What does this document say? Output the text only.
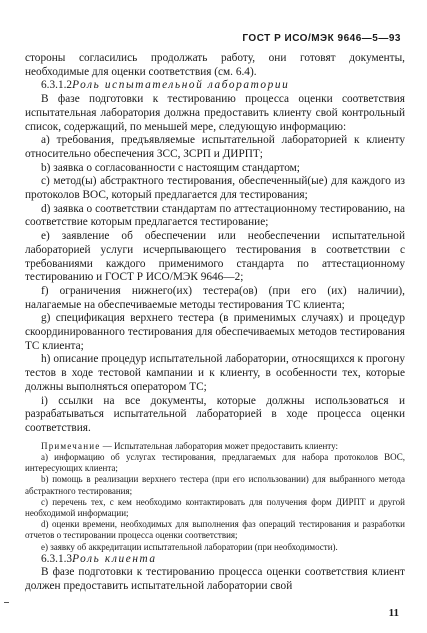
ГОСТ Р ИСО/МЭК 9646—5—93

стороны согласились продолжать работу, они готовят документы, необходимые для оценки соответствия (см. 6.4).

6.3.1.2Роль испытательной лаборатории

В фазе подготовки к тестированию процесса оценки соответствия испытательная лаборатория должна предоставить клиенту свой контрольный список, содержащий, по меньшей мере, следующую информацию:

a) требования, предъявляемые испытательной лабораторией к клиенту относительно обеспечения ЗСС, ЗСРП и ДИРПТ;

b) заявка о согласованности с настоящим стандартом;

c) метод(ы) абстрактного тестирования, обеспеченный(ые) для каждого из протоколов ВОС, который предлагается для тестирования;

d) заявка о соответствии стандартам по аттестационному тестированию, на соответствие которым предлагается тестирование;

e) заявление об обеспечении или необеспечении испытательной лабораторией услуги исчерпывающего тестирования в соответствии с требованиями каждого применимого стандарта по аттестационному тестированию и ГОСТ Р ИСО/МЭК 9646—2;

f) ограничения нижнего(их) тестера(ов) (при его (их) наличии), налагаемые на обеспечиваемые методы тестирования ТС клиента;

g) спецификация верхнего тестера (в применимых случаях) и процедур скоординированного тестирования для обеспечиваемых методов тестирования ТС клиента;

h) описание процедур испытательной лаборатории, относящихся к прогону тестов в ходе тестовой кампании и к клиенту, в особенности тех, которые должны выполняться оператором ТС;

i) ссылки на все документы, которые должны использоваться и разрабатываться испытательной лабораторией в ходе процесса оценки соответствия.

Примечание — Испытательная лаборатория может предоставить клиенту:

a) информацию об услугах тестирования, предлагаемых для набора протоколов ВОС, интересующих клиента;

b) помощь в реализации верхнего тестера (при его использовании) для выбранного метода абстрактного тестирования;

c) перечень тех, с кем необходимо контактировать для получения форм ДИРПТ и другой необходимой информации;

d) оценки времени, необходимых для выполнения фаз операций тестирования и разработки отчетов о тестировании процесса оценки соответствия;

e) заявку об аккредитации испытательной лаборатории (при необходимости).

6.3.1.3Роль клиента

В фазе подготовки к тестированию процесса оценки соответствия клиент должен предоставить испытательной лаборатории свой

11
